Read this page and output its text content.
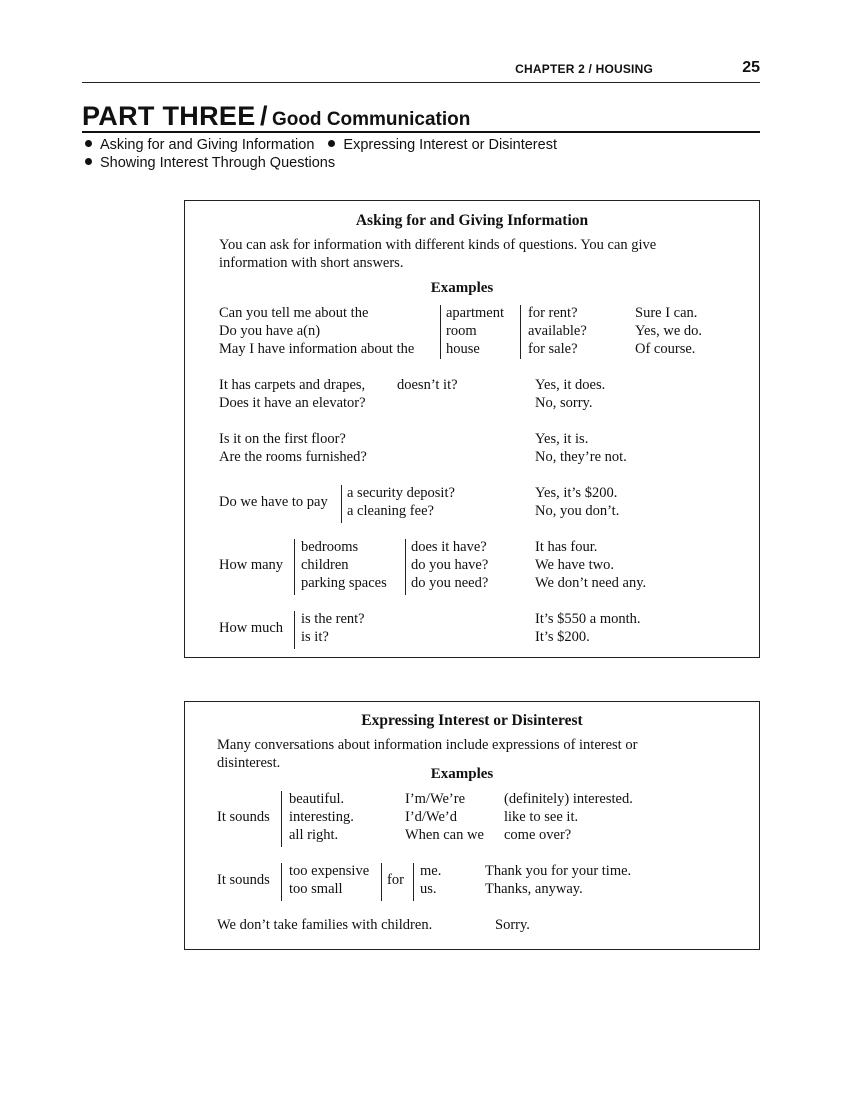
CHAPTER 2 / HOUSING	25
PART THREE / Good Communication
Asking for and Giving Information Expressing Interest or Disinterest
Showing Interest Through Questions
Asking for and Giving Information
You can ask for information with different kinds of questions. You can give
information with short answers.
Examples
Can you tell me about the
Do you have a(n)
May I have information about the
apartment
room
house
for rent?
available?
for sale?
Sure I can.
Yes, we do.
Of course.
It has carpets and drapes, doesn’t it?
Does it have an elevator?
Yes, it does.
No, sorry.
Is it on the first floor?
Are the rooms furnished?
Yes, it is.
No, they’re not.
Do we have to pay
a security deposit?
a cleaning fee?
Yes, it’s $200.
No, you don’t.
How many
bedrooms
children
parking spaces
does it have?
do you have?
do you need?
It has four.
We have two.
We don’t need any.
How much
is the rent?
is it?
It’s $550 a month.
It’s $200.
Expressing Interest or Disinterest
Many conversations about information include expressions of interest or
disinterest.
Examples
It sounds
beautiful.
interesting.
all right.
I’m/We’re
I’d/We’d
When can we
(definitely) interested.
like to see it.
come over?
It sounds
too expensive
too small
for
me.
us.
Thank you for your time.
Thanks, anyway.
We don’t take families with children.	Sorry.
